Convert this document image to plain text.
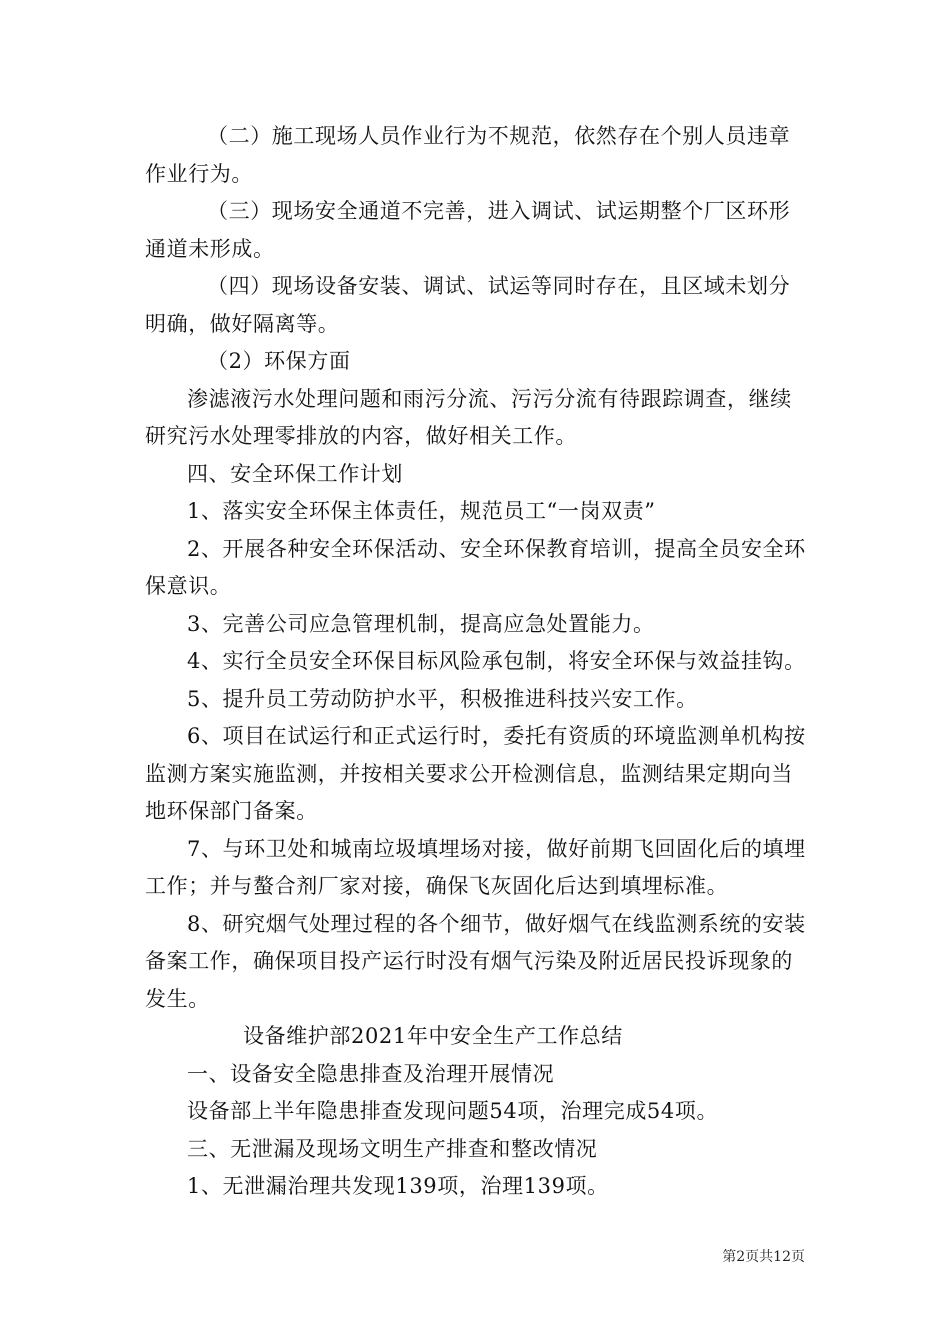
（二）施工现场人员作业行为不规范，依然存在个别人员违章作业行为。

（三）现场安全通道不完善，进入调试、试运期整个厂区环形通道未形成。

（四）现场设备安装、调试、试运等同时存在，且区域未划分明确，做好隔离等。

（2）环保方面

渗滤液污水处理问题和雨污分流、污污分流有待跟踪调查，继续研究污水处理零排放的内容，做好相关工作。

四、安全环保工作计划

1、落实安全环保主体责任，规范员工“一岗双责”

2、开展各种安全环保活动、安全环保教育培训，提高全员安全环保意识。

3、完善公司应急管理机制，提高应急处置能力。

4、实行全员安全环保目标风险承包制，将安全环保与效益挂钩。

5、提升员工劳动防护水平，积极推进科技兴安工作。

6、项目在试运行和正式运行时，委托有资质的环境监测单机构按监测方案实施监测，并按相关要求公开检测信息，监测结果定期向当地环保部门备案。

7、与环卫处和城南垃圾填埋场对接，做好前期飞回固化后的填埋工作；并与螯合剂厂家对接，确保飞灰固化后达到填埋标准。

8、研究烟气处理过程的各个细节，做好烟气在线监测系统的安装备案工作，确保项目投产运行时没有烟气污染及附近居民投诉现象的发生。

设备维护部2021年中安全生产工作总结

一、设备安全隐患排查及治理开展情况

设备部上半年隐患排查发现问题54项，治理完成54项。

三、无泄漏及现场文明生产排查和整改情况

1、无泄漏治理共发现139项，治理139项。

第2页共12页
